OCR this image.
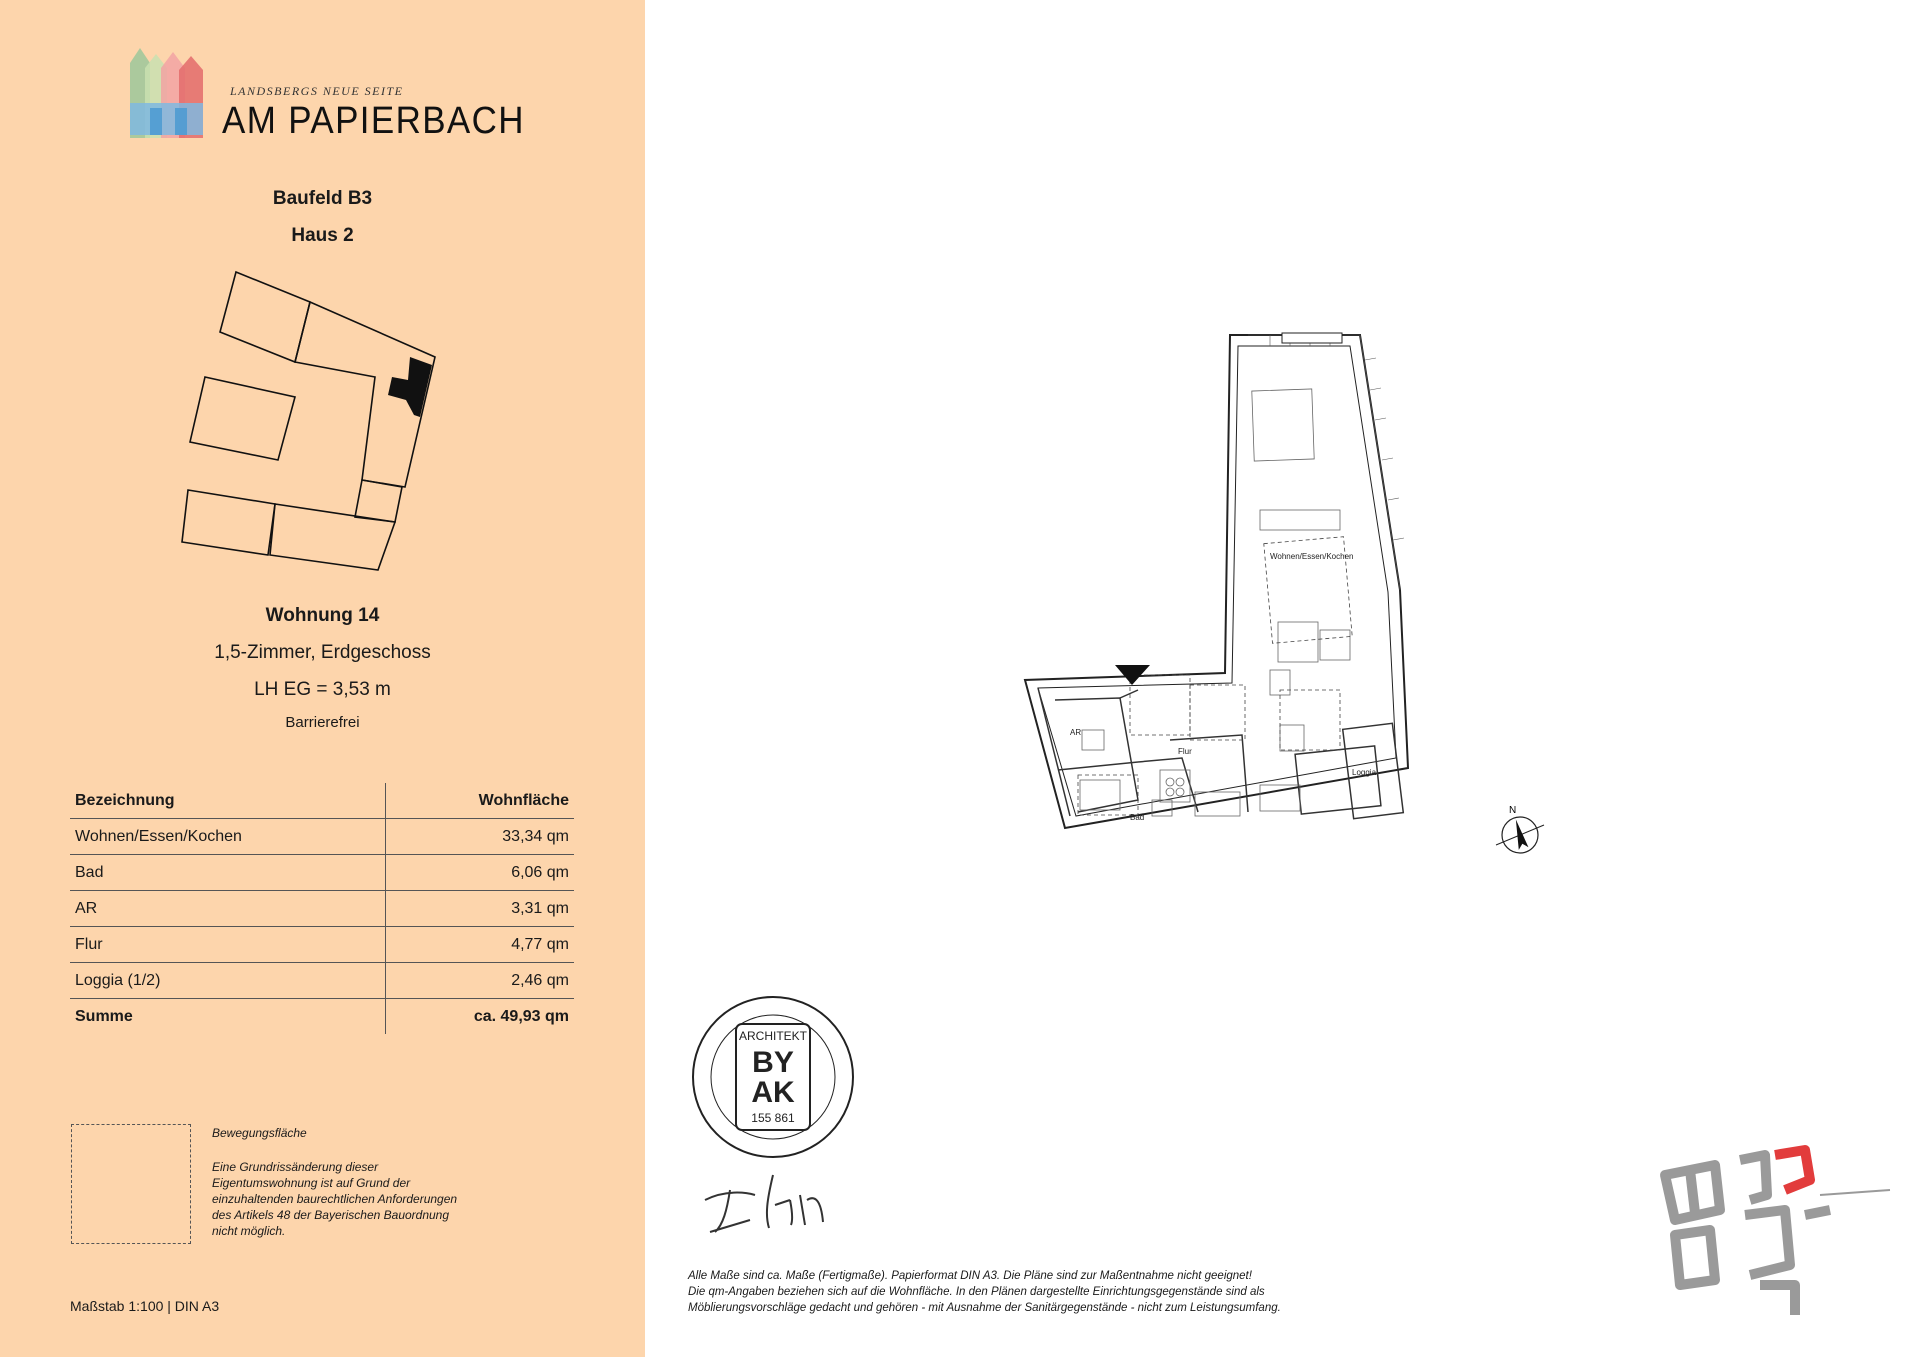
LANDSBERGS NEUE SEITE
AM PAPIERBACH
Baufeld B3
Haus 2
Wohnung 14
1,5-Zimmer, Erdgeschoss
LH EG = 3,53 m
Barrierefrei
Bezeichnung	Wohnfläche
Wohnen/Essen/Kochen	33,34 qm
Bad	6,06 qm
AR	3,31 qm
Flur	4,77 qm
Loggia (1/2)	2,46 qm
Summe	ca. 49,93 qm
Bewegungsfläche
Eine Grundrissänderung dieser Eigentumswohnung ist auf Grund der einzuhaltenden baurechtlichen Anforderungen des Artikels 48 der Bayerischen Bauordnung nicht möglich.
Maßstab 1:100 | DIN A3
Wohnen/Essen/Kochen
Loggia
Flur
Bad
AR
N
ARCHITEKT
BY
AK
155 861
Alle Maße sind ca. Maße (Fertigmaße). Papierformat DIN A3. Die Pläne sind zur Maßentnahme nicht geeignet!
Die qm-Angaben beziehen sich auf die Wohnfläche. In den Plänen dargestellte Einrichtungsgegenstände sind als
Möblierungsvorschläge gedacht und gehören - mit Ausnahme der Sanitärgegenstände - nicht zum Leistungsumfang.
